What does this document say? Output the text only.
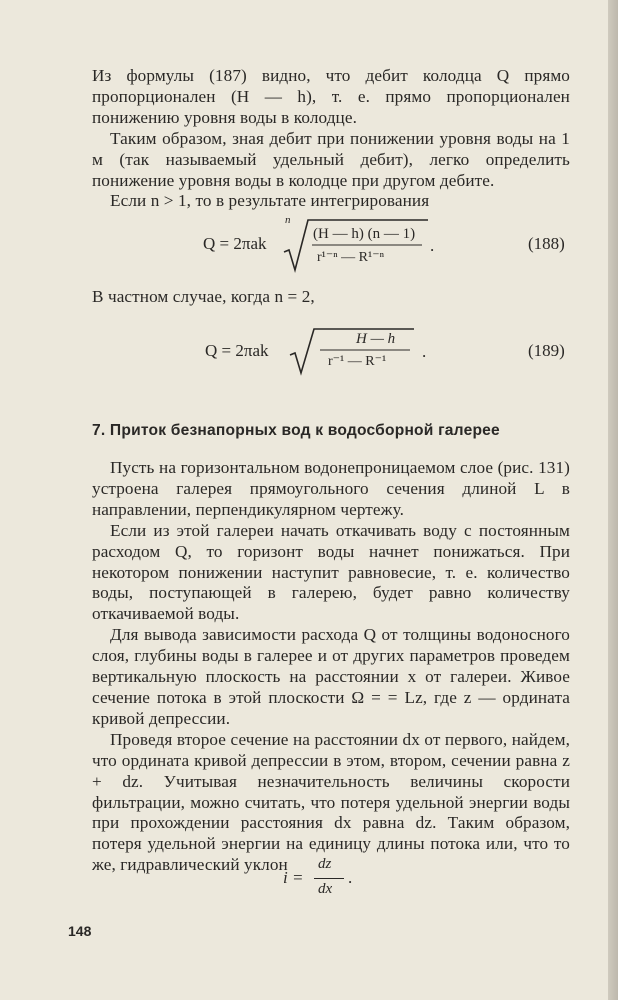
Из формулы (187) видно, что дебит колодца Q прямо пропорционален (H — h), т. е. прямо пропорционален понижению уровня воды в колодце.

Таким образом, зная дебит при понижении уровня воды на 1 м (так называемый удельный дебит), легко определить понижение уровня воды в колодце при другом дебите.

Если n > 1, то в результате интегрирования

Q = 2πak
n
(H — h) (n — 1)
r¹⁻ⁿ — R¹⁻ⁿ
.	(188)

В частном случае, когда n = 2,

Q = 2πak
H — h
r⁻¹ — R⁻¹
.	(189)
7. Приток безнапорных вод к водосборной галерее

Пусть на горизонтальном водонепроницаемом слое (рис. 131) устроена галерея прямоугольного сечения длиной L в направлении, перпендикулярном чертежу.

Если из этой галереи начать откачивать воду с постоянным расходом Q, то горизонт воды начнет понижаться. При некотором понижении наступит равновесие, т. е. количество воды, поступающей в галерею, будет равно количеству откачиваемой воды.

Для вывода зависимости расхода Q от толщины водоносного слоя, глубины воды в галерее и от других параметров проведем вертикальную плоскость на расстоянии x от галереи. Живое сечение потока в этой плоскости Ω = = Lz, где z — ордината кривой депрессии.

Проведя второе сечение на расстоянии dx от первого, найдем, что ордината кривой депрессии в этом, втором, сечении равна z + dz. Учитывая незначительность величины скорости фильтрации, можно считать, что потеря удельной энергии воды при прохождении расстояния dx равна dz. Таким образом, потеря удельной энергии на единицу длины потока или, что то же, гидравлический уклон

i =
dz
dx
.
148
